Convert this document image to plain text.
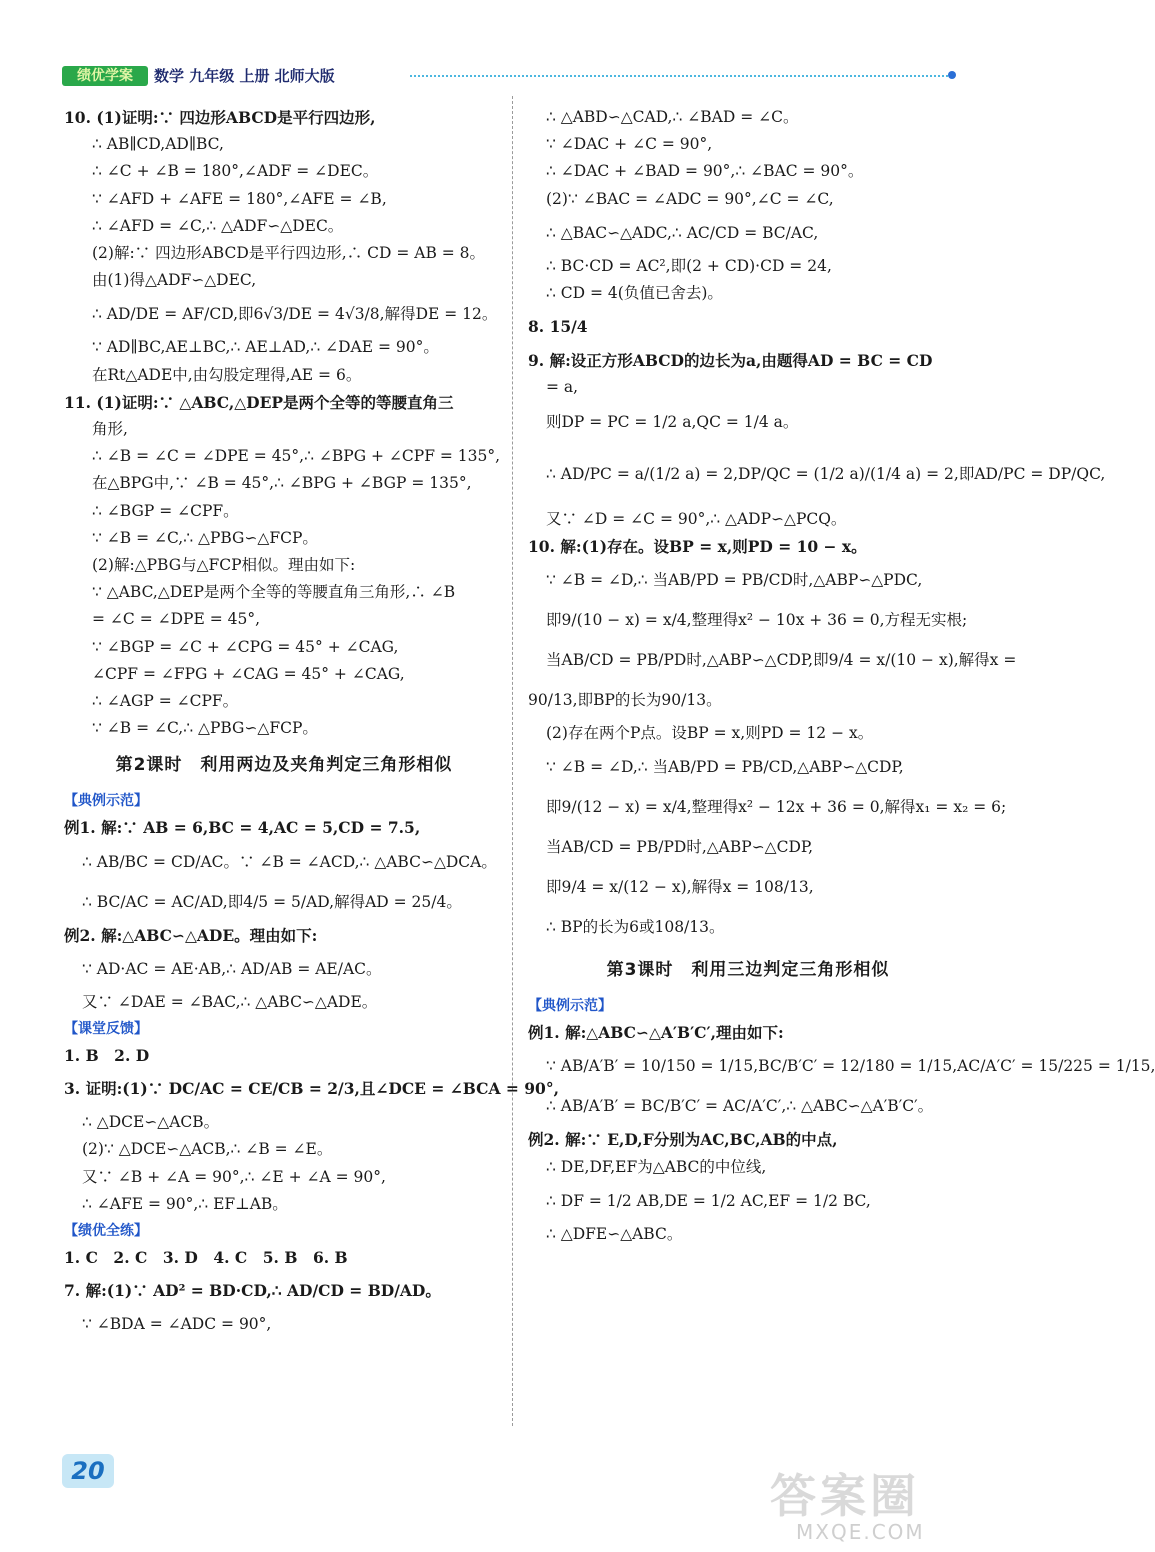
绩优学案	数学 九年级 上册 北师大版
10. (1)证明:∵ 四边形ABCD是平行四边形,
∴ AB∥CD,AD∥BC,
∴ ∠C + ∠B = 180°,∠ADF = ∠DEC。
∵ ∠AFD + ∠AFE = 180°,∠AFE = ∠B,
∴ ∠AFD = ∠C,∴ △ADF∽△DEC。
(2)解:∵ 四边形ABCD是平行四边形,∴ CD = AB = 8。
由(1)得△ADF∽△DEC,
∴ AD/DE = AF/CD,即6√3/DE = 4√3/8,解得DE = 12。
∵ AD∥BC,AE⊥BC,∴ AE⊥AD,∴ ∠DAE = 90°。
在Rt△ADE中,由勾股定理得,AE = 6。
11. (1)证明:∵ △ABC,△DEP是两个全等的等腰直角三
角形,
∴ ∠B = ∠C = ∠DPE = 45°,∴ ∠BPG + ∠CPF = 135°,
在△BPG中,∵ ∠B = 45°,∴ ∠BPG + ∠BGP = 135°,
∴ ∠BGP = ∠CPF。
∵ ∠B = ∠C,∴ △PBG∽△FCP。
(2)解:△PBG与△FCP相似。理由如下:
∵ △ABC,△DEP是两个全等的等腰直角三角形,∴ ∠B
= ∠C = ∠DPE = 45°,
∵ ∠BGP = ∠C + ∠CPG = 45° + ∠CAG,
∠CPF = ∠FPG + ∠CAG = 45° + ∠CAG,
∴ ∠AGP = ∠CPF。
∵ ∠B = ∠C,∴ △PBG∽△FCP。
第2课时　利用两边及夹角判定三角形相似
【典例示范】
例1. 解:∵ AB = 6,BC = 4,AC = 5,CD = 7.5,
∴ AB/BC = CD/AC。∵ ∠B = ∠ACD,∴ △ABC∽△DCA。
∴ BC/AC = AC/AD,即4/5 = 5/AD,解得AD = 25/4。
例2. 解:△ABC∽△ADE。理由如下:
∵ AD·AC = AE·AB,∴ AD/AB = AE/AC。
又∵ ∠DAE = ∠BAC,∴ △ABC∽△ADE。
【课堂反馈】
1. B　2. D
3. 证明:(1)∵ DC/AC = CE/CB = 2/3,且∠DCE = ∠BCA = 90°,
∴ △DCE∽△ACB。
(2)∵ △DCE∽△ACB,∴ ∠B = ∠E。
又∵ ∠B + ∠A = 90°,∴ ∠E + ∠A = 90°,
∴ ∠AFE = 90°,∴ EF⊥AB。
【绩优全练】
1. C　2. C　3. D　4. C　5. B　6. B
7. 解:(1)∵ AD² = BD·CD,∴ AD/CD = BD/AD。
∵ ∠BDA = ∠ADC = 90°,
∴ △ABD∽△CAD,∴ ∠BAD = ∠C。
∵ ∠DAC + ∠C = 90°,
∴ ∠DAC + ∠BAD = 90°,∴ ∠BAC = 90°。
(2)∵ ∠BAC = ∠ADC = 90°,∠C = ∠C,
∴ △BAC∽△ADC,∴ AC/CD = BC/AC,
∴ BC·CD = AC²,即(2 + CD)·CD = 24,
∴ CD = 4(负值已舍去)。
8. 15/4
9. 解:设正方形ABCD的边长为a,由题得AD = BC = CD
= a,
则DP = PC = 1/2 a,QC = 1/4 a。
∴ AD/PC = a/(1/2 a) = 2,DP/QC = (1/2 a)/(1/4 a) = 2,即AD/PC = DP/QC,
又∵ ∠D = ∠C = 90°,∴ △ADP∽△PCQ。
10. 解:(1)存在。设BP = x,则PD = 10 − x。
∵ ∠B = ∠D,∴ 当AB/PD = PB/CD时,△ABP∽△PDC,
即9/(10 − x) = x/4,整理得x² − 10x + 36 = 0,方程无实根;
当AB/CD = PB/PD时,△ABP∽△CDP,即9/4 = x/(10 − x),解得x =
90/13,即BP的长为90/13。
(2)存在两个P点。设BP = x,则PD = 12 − x。
∵ ∠B = ∠D,∴ 当AB/PD = PB/CD,△ABP∽△CDP,
即9/(12 − x) = x/4,整理得x² − 12x + 36 = 0,解得x₁ = x₂ = 6;
当AB/CD = PB/PD时,△ABP∽△CDP,
即9/4 = x/(12 − x),解得x = 108/13,
∴ BP的长为6或108/13。
第3课时　利用三边判定三角形相似
【典例示范】
例1. 解:△ABC∽△A′B′C′,理由如下:
∵ AB/A′B′ = 10/150 = 1/15,BC/B′C′ = 12/180 = 1/15,AC/A′C′ = 15/225 = 1/15,
∴ AB/A′B′ = BC/B′C′ = AC/A′C′,∴ △ABC∽△A′B′C′。
例2. 解:∵ E,D,F分别为AC,BC,AB的中点,
∴ DE,DF,EF为△ABC的中位线,
∴ DF = 1/2 AB,DE = 1/2 AC,EF = 1/2 BC,
∴ △DFE∽△ABC。
20	答案圈
MXQE.COM
